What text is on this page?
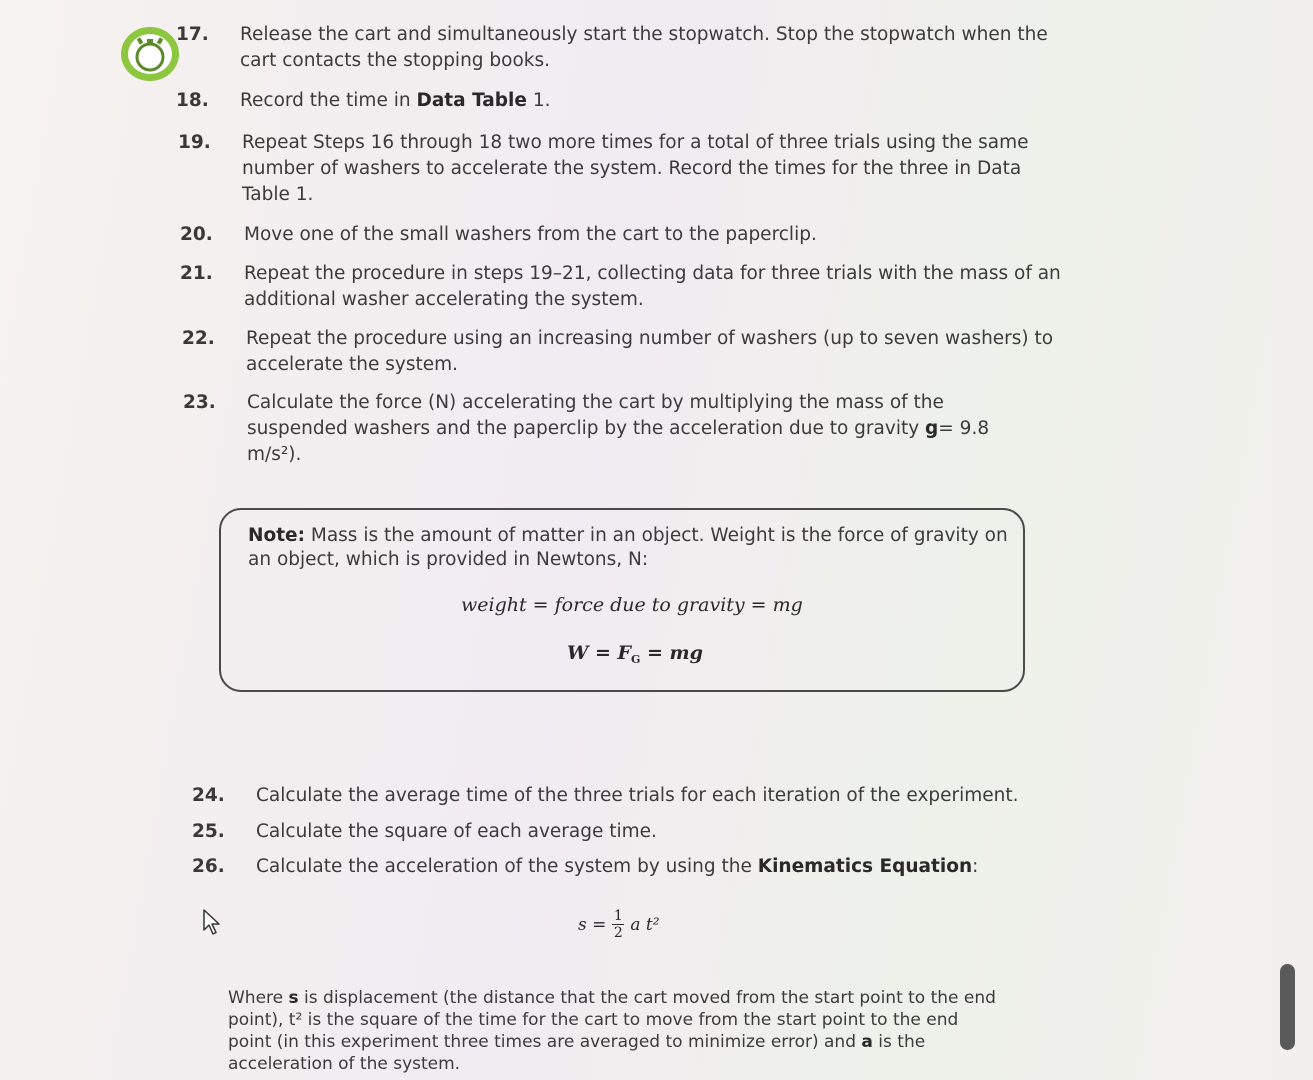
17. Release the cart and simultaneously start the stopwatch. Stop the stopwatch when the cart contacts the stopping books.

18. Record the time in Data Table 1.

19. Repeat Steps 16 through 18 two more times for a total of three trials using the same number of washers to accelerate the system. Record the times for the three in Data Table 1.

20. Move one of the small washers from the cart to the paperclip.

21. Repeat the procedure in steps 19–21, collecting data for three trials with the mass of an additional washer accelerating the system.

22. Repeat the procedure using an increasing number of washers (up to seven washers) to accelerate the system.

23. Calculate the force (N) accelerating the cart by multiplying the mass of the suspended washers and the paperclip by the acceleration due to gravity g= 9.8 m/s²).

Note: Mass is the amount of matter in an object. Weight is the force of gravity on an object, which is provided in Newtons, N:
weight = force due to gravity = mg
$W = F_G$ = mg

24. Calculate the average time of the three trials for each iteration of the experiment.

25. Calculate the square of each average time.

26. Calculate the acceleration of the system by using the Kinematics Equation:

$s = \frac{1}{2}$ a t²

Where s is displacement (the distance that the cart moved from the start point to the end point), t² is the square of the time for the cart to move from the start point to the end point (in this experiment three times are averaged to minimize error) and a is the acceleration of the system.
